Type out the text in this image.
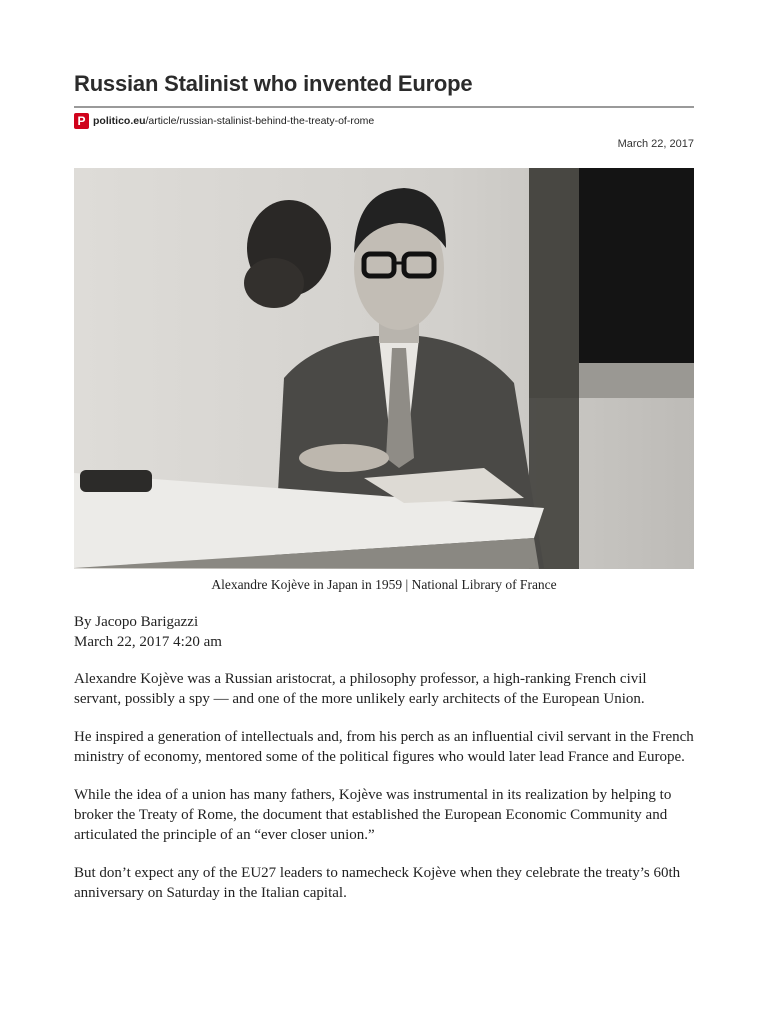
Russian Stalinist who invented Europe
P politico.eu/article/russian-stalinist-behind-the-treaty-of-rome
March 22, 2017
Alexandre Kojève in Japan in 1959 | National Library of France
By Jacopo Barigazzi
March 22, 2017 4:20 am

Alexandre Kojève was a Russian aristocrat, a philosophy professor, a high-ranking French civil servant, possibly a spy — and one of the more unlikely early architects of the European Union.

He inspired a generation of intellectuals and, from his perch as an influential civil servant in the French ministry of economy, mentored some of the political figures who would later lead France and Europe.

While the idea of a union has many fathers, Kojève was instrumental in its realization by helping to broker the Treaty of Rome, the document that established the European Economic Community and articulated the principle of an “ever closer union.”

But don’t expect any of the EU27 leaders to namecheck Kojève when they celebrate the treaty’s 60th anniversary on Saturday in the Italian capital.
